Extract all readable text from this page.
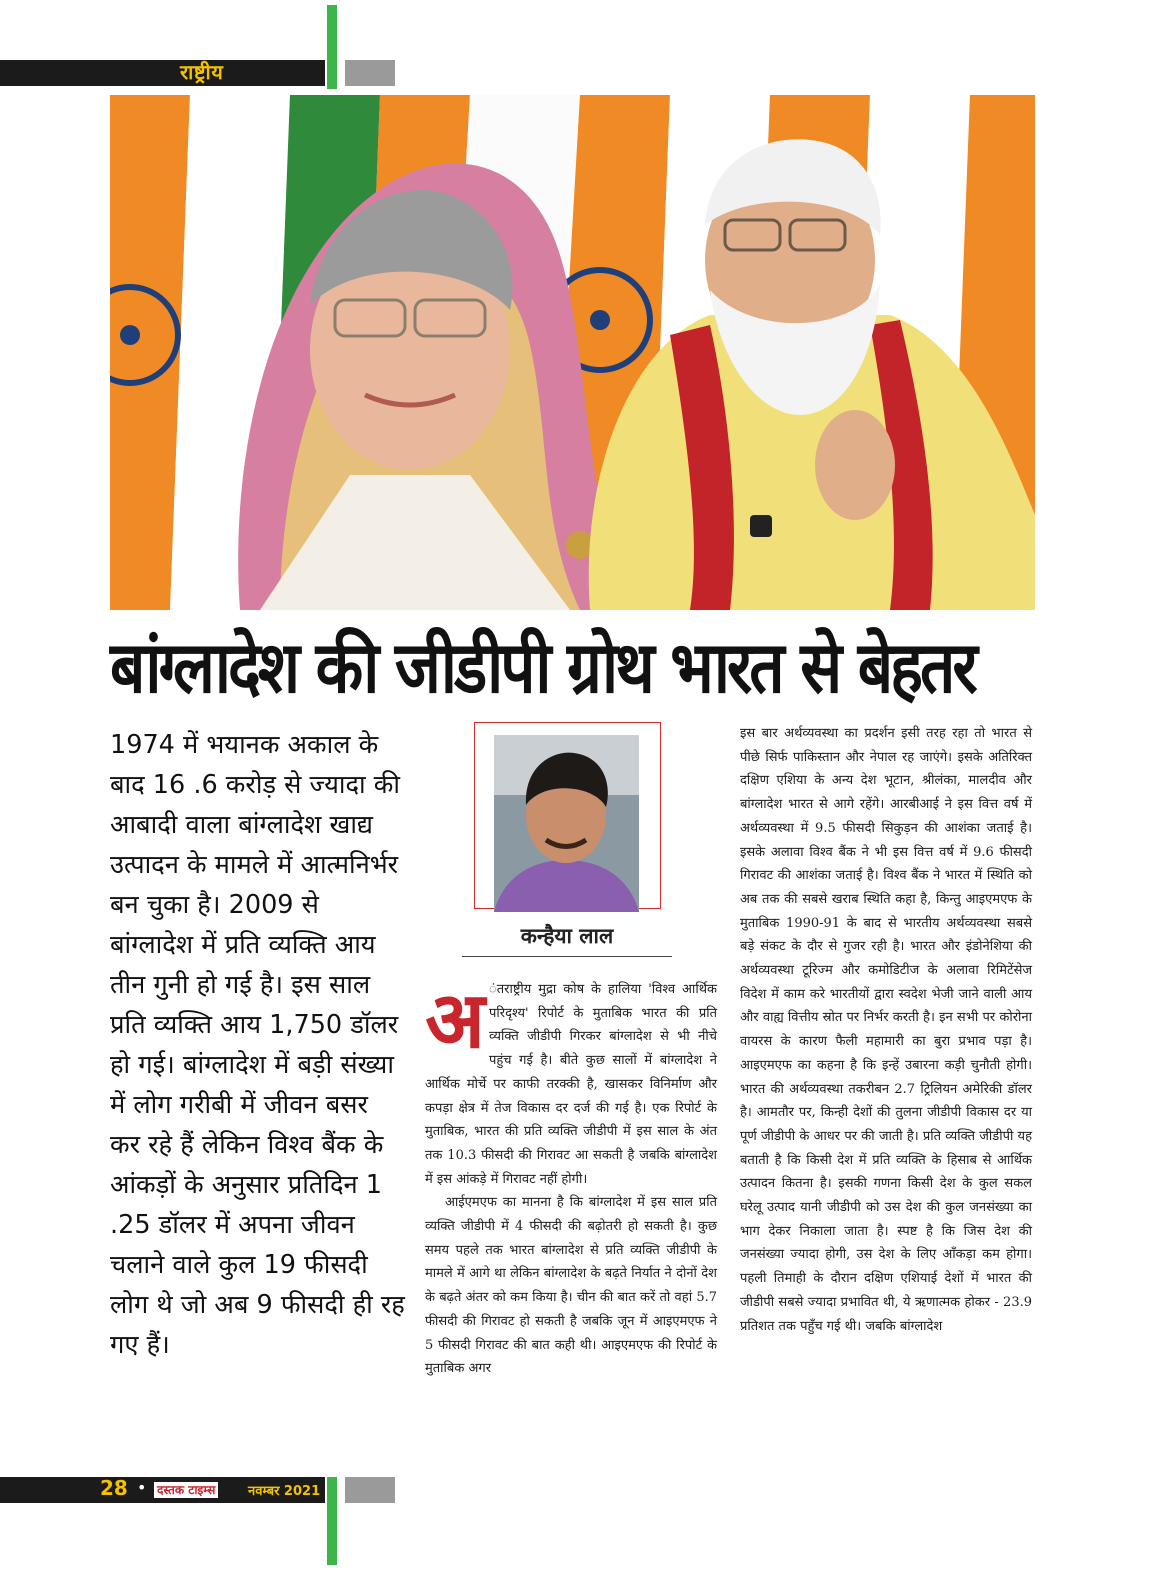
राष्ट्रीय
बांग्लादेश की जीडीपी ग्रोथ भारत से बेहतर

1974 में भयानक अकाल के बाद 16 .6 करोड़ से ज्यादा की आबादी वाला बांग्लादेश खाद्य उत्पादन के मामले में आत्मनिर्भर बन चुका है। 2009 से बांग्लादेश में प्रति व्यक्ति आय तीन गुनी हो गई है। इस साल प्रति व्यक्ति आय 1,750 डॉलर हो गई। बांग्लादेश में बड़ी संख्या में लोग गरीबी में जीवन बसर कर रहे हैं लेकिन विश्व बैंक के आंकड़ों के अनुसार प्रतिदिन 1 .25 डॉलर में अपना जीवन चलाने वाले कुल 19 फीसदी लोग थे जो अब 9 फीसदी ही रह गए हैं।

कन्हैया लाल
अ ंतराष्ट्रीय मुद्रा कोष के हालिया 'विश्व आर्थिक परिदृश्य' रिपोर्ट के मुताबिक भारत की प्रति व्यक्ति जीडीपी गिरकर बांग्लादेश से भी नीचे पहुंच गई है। बीते कुछ सालों में बांग्लादेश ने आर्थिक मोर्चे पर काफी तरक्की है, खासकर विनिर्माण और कपड़ा क्षेत्र में तेज विकास दर दर्ज की गई है। एक रिपोर्ट के मुताबिक, भारत की प्रति व्यक्ति जीडीपी में इस साल के अंत तक 10.3 फीसदी की गिरावट आ सकती है जबकि बांग्लादेश में इस आंकड़े में गिरावट नहीं होगी।

आईएमएफ का मानना है कि बांग्लादेश में इस साल प्रति व्यक्ति जीडीपी में 4 फीसदी की बढ़ोतरी हो सकती है। कुछ समय पहले तक भारत बांग्लादेश से प्रति व्यक्ति जीडीपी के मामले में आगे था लेकिन बांग्लादेश के बढ़ते निर्यात ने दोनों देश के बढ़ते अंतर को कम किया है। चीन की बात करें तो वहां 5.7 फीसदी की गिरावट हो सकती है जबकि जून में आइएमएफ ने 5 फीसदी गिरावट की बात कही थी। आइएमएफ की रिपोर्ट के मुताबिक अगर

इस बार अर्थव्यवस्था का प्रदर्शन इसी तरह रहा तो भारत से पीछे सिर्फ पाकिस्तान और नेपाल रह जाएंगे। इसके अतिरिक्त दक्षिण एशिया के अन्य देश भूटान, श्रीलंका, मालदीव और बांग्लादेश भारत से आगे रहेंगे। आरबीआई ने इस वित्त वर्ष में अर्थव्यवस्था में 9.5 फीसदी सिकुड़न की आशंका जताई है। इसके अलावा विश्व बैंक ने भी इस वित्त वर्ष में 9.6 फीसदी गिरावट की आशंका जताई है। विश्व बैंक ने भारत में स्थिति को अब तक की सबसे खराब स्थिति कहा है, किन्तु आइएमएफ के मुताबिक 1990-91 के बाद से भारतीय अर्थव्यवस्था सबसे बड़े संकट के दौर से गुजर रही है। भारत और इंडोनेशिया की अर्थव्यवस्था टूरिज्म और कमोडिटीज के अलावा रिमिटेंसेज विदेश में काम करे भारतीयों द्वारा स्वदेश भेजी जाने वाली आय और वाह्य वित्तीय स्रोत पर निर्भर करती है। इन सभी पर कोरोना वायरस के कारण फैली महामारी का बुरा प्रभाव पड़ा है। आइएमएफ का कहना है कि इन्हें उबारना कड़ी चुनौती होगी। भारत की अर्थव्यवस्था तकरीबन 2.7 ट्रिलियन अमेरिकी डॉलर है। आमतौर पर, किन्ही देशों की तुलना जीडीपी विकास दर या पूर्ण जीडीपी के आधर पर की जाती है। प्रति व्यक्ति जीडीपी यह बताती है कि किसी देश में प्रति व्यक्ति के हिसाब से आर्थिक उत्पादन कितना है। इसकी गणना किसी देश के कुल सकल घरेलू उत्पाद यानी जीडीपी को उस देश की कुल जनसंख्या का भाग देकर निकाला जाता है। स्पष्ट है कि जिस देश की जनसंख्या ज्यादा होगी, उस देश के लिए आँकड़ा कम होगा। पहली तिमाही के दौरान दक्षिण एशियाई देशों में भारत की जीडीपी सबसे ज्यादा प्रभावित थी, ये ऋणात्मक होकर - 23.9 प्रतिशत तक पहुँच गई थी। जबकि बांग्लादेश

28 • दस्तक टाइम्स	नवम्बर 2021
